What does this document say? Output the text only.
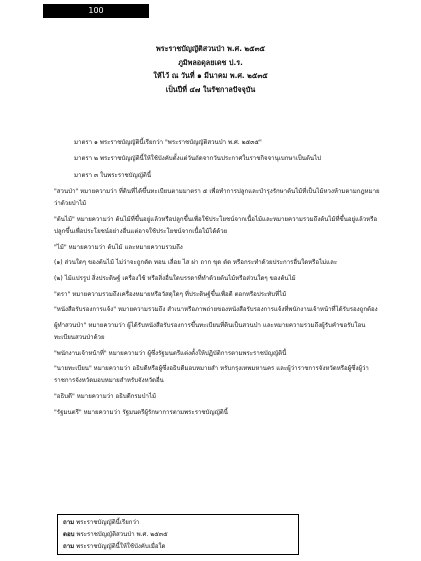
100
พระราชบัญญัติสวนป่า พ.ศ. ๒๕๓๕
ภูมิพลอดุลยเดช ป.ร.
ให้ไว้ ณ วันที่ ๑ มีนาคม พ.ศ. ๒๕๓๕
เป็นปีที่ ๔๗ ในรัชกาลปัจจุบัน
มาตรา ๑ พระราชบัญญัตินี้เรียกว่า "พระราชบัญญัติสวนป่า พ.ศ. ๒๕๓๕"
มาตรา ๒ พระราชบัญญัตินี้ให้ใช้บังคับตั้งแต่วันถัดจากวันประกาศในราชกิจจานุเบกษาเป็นต้นไป
มาตรา ๓ ในพระราชบัญญัตินี้
"สวนป่า" หมายความว่า ที่ดินที่ได้ขึ้นทะเบียนตามมาตรา ๕ เพื่อทำการปลูกและบำรุงรักษาต้นไม้ที่เป็นไม้หวงห้ามตามกฎหมายว่าด้วยป่าไม้
"ต้นไม้" หมายความว่า ต้นไม้ที่ขึ้นอยู่แล้วหรือปลูกขึ้นเพื่อใช้ประโยชน์จากเนื้อไม้และหมายความรวมถึงต้นไม้ที่ขึ้นอยู่แล้วหรือปลูกขึ้นเพื่อประโยชน์อย่างอื่นแต่อาจใช้ประโยชน์จากเนื้อไม้ได้ด้วย
"ไม้" หมายความว่า ต้นไม้ และหมายความรวมถึง
(๑) ส่วนใดๆ ของต้นไม้ ไม่ว่าจะถูกตัด ทอน เลื่อย ไส ผ่า ถาก ขุด ตัด หรือกระทำด้วยประการอื่นใดหรือไม่และ
(๒) ไม้แปรรูป สิ่งประดิษฐ์ เครื่องใช้ หรือสิ่งอื่นใดบรรดาที่ทำด้วยต้นไม้หรือส่วนใดๆ ของต้นไม้
"ตรา" หมายความรวมถึงเครื่องหมายหรือวัสดุใดๆ ที่ประดิษฐ์ขึ้นเพื่อตี ตอกหรือประทับที่ไม้
"หนังสือรับรองการแจ้ง" หมายความรวมถึง สำเนาหรือภาพถ่ายของหนังสือรับรองการแจ้งที่พนักงานเจ้าหน้าที่ได้รับรองถูกต้อง
ผู้ทำสวนป่า" หมายความว่า ผู้ได้รับหนังสือรับรองการขึ้นทะเบียนที่ดินเป็นสวนป่า และหมายความรวมถึงผู้รับคำขอรับโอนทะเบียนสวนป่าด้วย
"พนักงานเจ้าหน้าที่" หมายความว่า ผู้ซึ่งรัฐมนตรีแต่งตั้งให้ปฏิบัติการตามพระราชบัญญัตินี้
"นายทะเบียน" หมายความว่า อธิบดีหรือผู้ซึ่งอธิบดีมอบหมายสำ หรับกรุงเทพมหานคร และผู้ว่าราชการจังหวัดหรือผู้ซึ่งผู้ว่าราชการจังหวัดมอบหมายสำหรับจังหวัดอื่น
"อธิบดี" หมายความว่า อธิบดีกรมป่าไม้
"รัฐมนตรี" หมายความว่า รัฐมนตรีผู้รักษาการตามพระราชบัญญัตินี้
ถาม พระราชบัญญัตินี้เรียกว่า
ตอบ พระราชบัญญัติสวนป่า พ.ศ. ๒๕๓๕
ถาม พระราชบัญญัตินี้ให้ใช้บังคับเมื่อใด
